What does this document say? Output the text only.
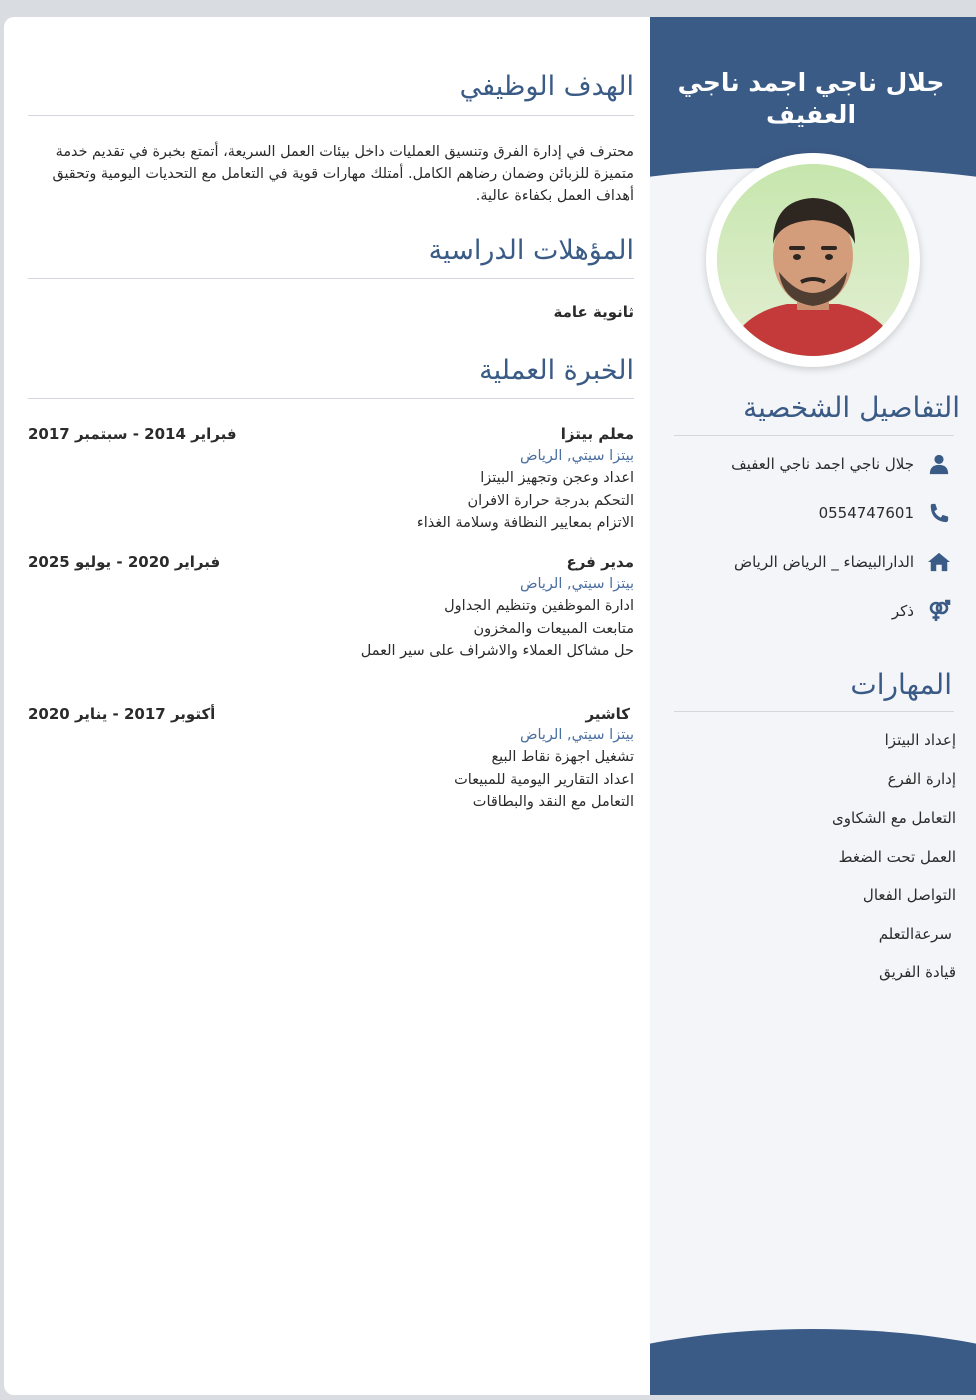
جلال ناجي اجمد ناجي العفيف
التفاصيل الشخصية
جلال ناجي اجمد ناجي العفيف
0554747601
الدارالبيضاء _ الرياض الرياض
ذكر
المهارات
إعداد البيتزا
إدارة الفرع
التعامل مع الشكاوى
العمل تحت الضغط
التواصل الفعال
سرعةالتعلم
قيادة الفريق
الهدف الوظيفي
محترف في إدارة الفرق وتنسيق العمليات داخل بيئات العمل السريعة، أتمتع بخبرة في تقديم خدمة متميزة للزبائن وضمان رضاهم الكامل. أمتلك مهارات قوية في التعامل مع التحديات اليومية وتحقيق أهداف العمل بكفاءة عالية.
المؤهلات الدراسية
ثانوية عامة
الخبرة العملية
معلم بيتزا
فبراير 2014 - سبتمبر 2017
بيتزا سيتي, الرياض
اعداد وعجن وتجهيز البيتزا
التحكم بدرجة حرارة الافران
الاتزام بمعايير النظافة وسلامة الغذاء
مدير فرع
فبراير 2020 - يوليو 2025
بيتزا سيتي, الرياض
ادارة الموظفين وتنظيم الجداول
متابعت المبيعات والمخزون
حل مشاكل العملاء والاشراف على سير العمل
كاشير
أكتوبر 2017 - يناير 2020
بيتزا سيتي, الرياض
تشغيل اجهزة نقاط البيع
اعداد التقارير اليومية للمبيعات
التعامل مع النقد والبطاقات
